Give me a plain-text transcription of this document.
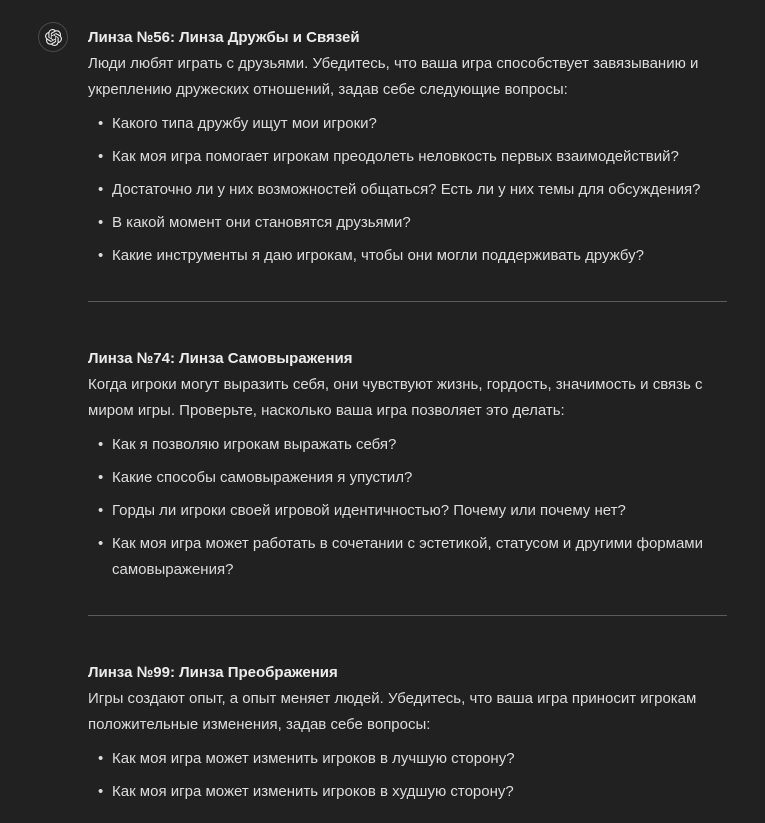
Линза №56: Линза Дружбы и Связей

Люди любят играть с друзьями. Убедитесь, что ваша игра способствует завязыванию и укреплению дружеских отношений, задав себе следующие вопросы:

• Какого типа дружбу ищут мои игроки?
• Как моя игра помогает игрокам преодолеть неловкость первых взаимодействий?
• Достаточно ли у них возможностей общаться? Есть ли у них темы для обсуждения?
• В какой момент они становятся друзьями?
• Какие инструменты я даю игрокам, чтобы они могли поддерживать дружбу?
Линза №74: Линза Самовыражения

Когда игроки могут выразить себя, они чувствуют жизнь, гордость, значимость и связь с миром игры. Проверьте, насколько ваша игра позволяет это делать:

• Как я позволяю игрокам выражать себя?
• Какие способы самовыражения я упустил?
• Горды ли игроки своей игровой идентичностью? Почему или почему нет?
• Как моя игра может работать в сочетании с эстетикой, статусом и другими формами самовыражения?
Линза №99: Линза Преображения

Игры создают опыт, а опыт меняет людей. Убедитесь, что ваша игра приносит игрокам положительные изменения, задав себе вопросы:

• Как моя игра может изменить игроков в лучшую сторону?
• Как моя игра может изменить игроков в худшую сторону?
